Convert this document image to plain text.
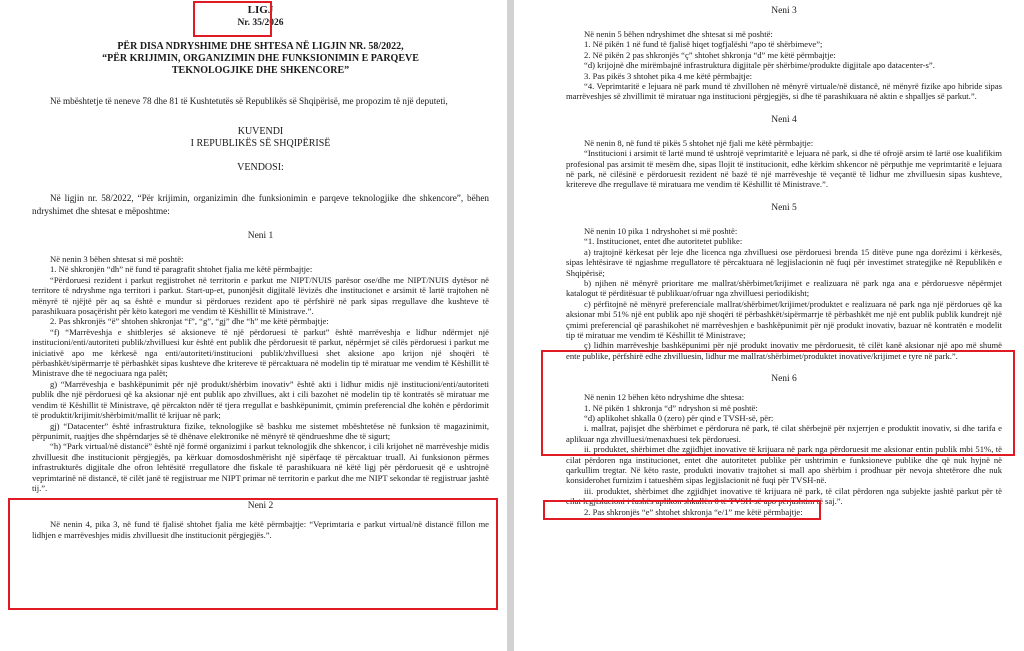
LIGJ
Nr. 35/2026

PËR DISA NDRYSHIME DHE SHTESA NË LIGJIN NR. 58/2022,

“PËR KRIJIMIN, ORGANIZIMIN DHE FUNKSIONIMIN E PARQEVE

TEKNOLOGJIKE DHE SHKENCORE”

Në mbështetje të neneve 78 dhe 81 të Kushtetutës së Republikës së Shqipërisë, me propozim të një deputeti,

KUVENDI

I REPUBLIKËS SË SHQIPËRISË

VENDOSI:

Në ligjin nr. 58/2022, “Për krijimin, organizimin dhe funksionimin e parqeve teknologjike dhe shkencore”, bëhen ndryshimet dhe shtesat e mëposhtme:

Neni 1

Në nenin 3 bëhen shtesat si më poshtë:

1. Në shkronjën “dh” në fund të paragrafit shtohet fjalia me këtë përmbajtje:

“Përdoruesi rezident i parkut regjistrohet në territorin e parkut me NIPT/NUIS parësor ose/dhe me NIPT/NUIS dytësor në territore të ndryshme nga territori i parkut. Start-up-et, punonjësit digjitalë lëvizës dhe institucionet e arsimit të lartë trajtohen në mënyrë të njëjtë për aq sa është e mundur si përdorues rezident apo të përfshirë në park sipas rregullave dhe kushteve të parashikuara posaçërisht për këto kategori me vendim të Këshillit të Ministrave.”.

2. Pas shkronjës “ë” shtohen shkronjat “f”, “g”, “gj” dhe “h” me këtë përmbajtje:

“f) “Marrëveshja e shitblerjes së aksioneve të një përdoruesi të parkut” është marrëveshja e lidhur ndërmjet një institucioni/enti/autoriteti publik/zhvilluesi kur është ent publik dhe përdoruesit të parkut, nëpërmjet së cilës përdoruesi i parkut me iniciativë apo me kërkesë nga enti/autoriteti/institucioni publik/zhvilluesi shet aksione apo krijon një shoqëri të përbashkët/sipërmarrje të përbashkët sipas kushteve dhe kritereve të përcaktuara në modelin tip të miratuar me vendim të Këshillit të Ministrave dhe të negociuara nga palët;

g) “Marrëveshja e bashkëpunimit për një produkt/shërbim inovativ” është akti i lidhur midis një institucioni/enti/autoriteti publik dhe një përdoruesi që ka aksionar një ent publik apo zhvillues, akt i cili bazohet në modelin tip të kontratës së miratuar me vendim të Këshillit të Ministrave, që përcakton ndër të tjera rregullat e bashkëpunimit, çmimin preferencial dhe kohën e përdorimit të produktit/krijimit/shërbimit/mallit të krijuar në park;

gj) “Datacenter” është infrastruktura fizike, teknologjike së bashku me sistemet mbështetëse në funksion të magazinimit, përpunimit, ruajtjes dhe shpërndarjes së të dhënave elektronike në mënyrë të qëndrueshme dhe të sigurt;

“h) “Park virtual/në distancë” është një formë organizimi i parkut teknologjik dhe shkencor, i cili krijohet në marrëveshje midis zhvilluesit dhe institucionit përgjegjës, pa kërkuar domosdoshmërisht një sipërfaqe të përcaktuar truall. Ai funksionon përmes infrastrukturës digjitale dhe ofron lehtësitë rregullatore dhe fiskale të parashikuara në këtë ligj për përdoruesit që e ushtrojnë veprimtarinë në distancë, të cilët janë të regjistruar me NIPT primar në territorin e parkut dhe me NIPT sekondar të regjistruar jashtë tij.”.

Neni 2

Në nenin 4, pika 3, në fund të fjalisë shtohet fjalia me këtë përmbajtje: “Veprimtaria e parkut virtual/në distancë fillon me lidhjen e marrëveshjes midis zhvilluesit dhe institucionit përgjegjës.”.

Neni 3

Në nenin 5 bëhen ndryshimet dhe shtesat si më poshtë:

1. Në pikën 1 në fund të fjalisë hiqet togfjalëshi “apo të shërbimeve”;

2. Në pikën 2 pas shkronjës “ç” shtohet shkronja “d” me këtë përmbajtje:

“d) krijojnë dhe mirëmbajnë infrastruktura digjitale për shërbime/produkte digjitale apo datacenter-s”.

3. Pas pikës 3 shtohet pika 4 me këtë përmbajtje:

“4. Veprimtaritë e lejuara në park mund të zhvillohen në mënyrë virtuale/në distancë, në mënyrë fizike apo hibride sipas marrëveshjes së zhvillimit të miratuar nga institucioni përgjegjës, si dhe të parashikuara në aktin e shpalljes së parkut.”.

Neni 4

Në nenin 8, në fund të pikës 5 shtohet një fjali me këtë përmbajtje:

“Institucioni i arsimit të lartë mund të ushtrojë veprimtaritë e lejuara në park, si dhe të ofrojë arsim të lartë ose kualifikim profesional pas arsimit të mesëm dhe, sipas llojit të institucionit, edhe kërkim shkencor në përputhje me veprimtaritë e lejuara në park, në cilësinë e përdoruesit rezident në bazë të një marrëveshje të veçantë të lidhur me zhvilluesin sipas kushteve, kritereve dhe rregullave të miratuara me vendim të Këshillit të Ministrave.”.

Neni 5

Në nenin 10 pika 1 ndryshohet si më poshtë:

“1. Institucionet, entet dhe autoritetet publike:

a) trajtojnë kërkesat për leje dhe licenca nga zhvilluesi ose përdoruesi brenda 15 ditëve pune nga dorëzimi i kërkesës, sipas lehtësirave të ngjashme rregullatore të përcaktuara në legjislacionin në fuqi për investimet strategjike në Republikën e Shqipërisë;

b) njihen në mënyrë prioritare me mallrat/shërbimet/krijimet e realizuara në park nga ana e përdoruesve nëpërmjet katalogut të përditësuar të publikuar/ofruar nga zhvilluesi periodikisht;

c) përfitojnë në mënyrë preferenciale mallrat/shërbimet/krijimet/produktet e realizuara në park nga një përdorues që ka aksionar mbi 51% një ent publik apo një shoqëri të përbashkët/sipërmarrje të përbashkët me një ent publik publik kundrejt një çmimi preferencial që parashikohet në marrëveshjen e bashkëpunimit për një produkt inovativ, bazuar në kontratën e modelit tip të miratuar me vendim të Këshillit të Ministrave;

ç) lidhin marrëveshje bashkëpunimi për një produkt inovativ me përdoruesit, të cilët kanë aksionar një apo më shumë ente publike, përfshirë edhe zhvilluesin, lidhur me mallrat/shërbimet/produktet inovative/krijimet e tyre në park.”.

Neni 6

Në nenin 12 bëhen këto ndryshime dhe shtesa:

1. Në pikën 1 shkronja “d” ndryshon si më poshtë:

“d) aplikohet shkalla 0 (zero) për qind e TVSH-së, për:

i. mallrat, pajisjet dhe shërbimet e përdorura në park, të cilat shërbejnë për nxjerrjen e produktit inovativ, si dhe tarifa e aplikuar nga zhvilluesi/menaxhuesi tek përdoruesi.

ii. produktet, shërbimet dhe zgjidhjet inovative të krijuara në park nga përdoruesit me aksionar entin publik mbi 51%, të cilat përdoren nga institucionet, entet dhe autoritetet publike për ushtrimin e funksioneve publike dhe që nuk hyjnë në qarkullim tregtar. Në këto raste, produkti inovativ trajtohet si mall apo shërbim i prodhuar për nevoja shtetërore dhe nuk konsiderohet furnizim i tatueshëm sipas legjislacionit në fuqi për TVSH-në.

iii. produktet, shërbimet dhe zgjidhjet inovative të krijuara në park, të cilat përdoren nga subjekte jashtë parkut për të cilat legjislacioni i fushës aplikon shkallën 0 të TVSH-së apo përjashtim të saj.”.

2. Pas shkronjës “e” shtohet shkronja “e/1” me këtë përmbajtje:
